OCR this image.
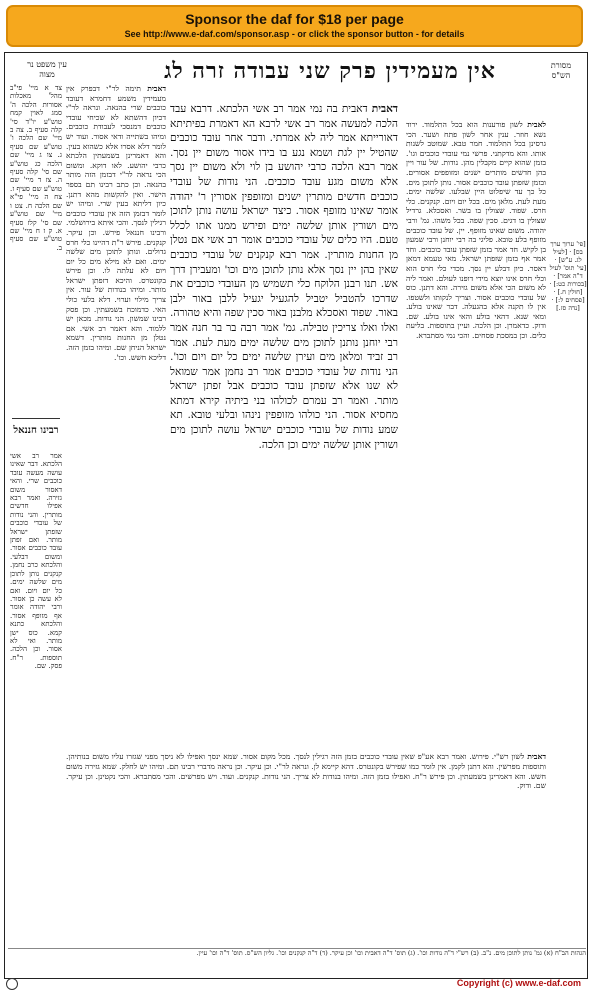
Sponsor the daf for $18 per page
See http://www.e-daf.com/sponsor.asp - or click the sponsor button - for details
עין משפט נר מצוה	אין מעמידין פרק שני עבודה זרה לג	מסורת הש"ס
צד א מיי' פי"ב מהל' מאכלות אסורות הלכה ה' סמג לאוין קמח טוש"ע יו"ד סי' קלה סעיף ב. צה ב מיי' שם הלכה ו' טוש"ע שם סעיף ג. צו ג מיי' שם הלכה כג טוש"ע שם סי' קלה סעיף ה. צז ד מיי' שם טוש"ע שם סעיף ז. צח ה מיי' פי"א שם הלכה ח. צט ו מיי' שם טוש"ע שם סי' קלז סעיף א. ק ז ח מיי' שם טוש"ע שם סעיף ב.
רבינו חננאל
אמר רב אשי הלכתא. דבר שאינו עושה מעשה עובד כוכבים שרי. והאי דאסור משום גזירה. ואמר רבא אפילו חדשים מותרין. והני נודות של עובדי כוכבים שזפתן ישראל מותר. ואם זפתן עובד כוכבים אסור. ומשום דבלעי. והלכתא כרב נחמן. קנקנים נותן לתוכן מים שלשה ימים. כל יום ויום. ואם לא עשה כן אסור. ורבי יהודה אומר אף מזופף אסור. והלכתא כתנא קמא. כוס ישן מותר. ואי לא אסור. וכן הלכה. תוספות. ר"ח. פסק. שם.
דאבית תימה לר"י דבפרק אין מעמידין משמע דחמרא דעובד כוכבים שרי בהנאה. ונראה לר"י דכיון דהשתא לא שכיחי עובדי כוכבים דמנסכי לעבודת כוכבים. ומיהו בשתייה ודאי אסור. ועוד יש לומר דלא אסרו אלא כשהוא בעין. והא דאמרינן בשמעתין הלכתא כרבי יהושע. לאו דוקא. ומשום הכי נראה לר"י דבזמן הזה מותר בהנאה. וכן כתב רבינו תם בספר הישר. ואין להקשות מהא דתנן. כיון דליתא בעין שרי. ומיהו יש לומר דבזמן הזה אין עובדי כוכבים רגילין לנסך. והכי איתא בירושלמי. ורבינו חננאל פירש. וכן עיקר. קנקנים. פירש ר"ת דהיינו כלי חרס גדולים. ונותן לתוכן מים שלשה ימים. ואם לא מילא מים כל יום ויום לא עלתה לו. וכן פירש בקונטרס. והיכא דזפתן ישראל מותר. ומיהו בנודות של עור. אין צריך מילוי וערוי. דלא בלעי כולי האי. כדמוכח בשמעתין. וכן פסק רבינו שמשון. הני נודות. מכאן יש ללמוד. והא דאמר רב אשי. אם נטלן מן החנות מותרין. דשמא ישראל הניחן שם. ומיהו בזמן הזה. דליכא חשש. וכו'.
דאבית דאבית בה נמי אמר רב אשי הלכתא. דרבא עבד הלכה למעשה אמר רב אשי לרבא הא דאמרת בפיתיתא דאורייתא אמר ליה לא אמרתי. ודבר אחר עובד כוכבים שהטיל יין לגת ושמא נגע בו בידו אסור משום יין נסך. אמר רבא הלכה כרבי יהושע בן לוי ולא משום יין נסך אלא משום מגע עובד כוכבים. הני נודות של עובדי כוכבים חדשים מותרין ישנים ומזופפין אסורין ר' יהודה אומר שאינו מזופף אסור. כיצד ישראל עושה נותן לתוכן מים ושורין אותן שלשה ימים ופירש ממנו אתו לכלל טעם. היו כלים של עובדי כוכבים אומר רב אשי אם נטלן מן החנות מותרין. אמר רבא קנקנים של עובדי כוכבים שאין בהן יין נסך אלא נותן לתוכן מים וכו' ומעבירן דרך אש. תנו רבנן הלוקח כלי תשמיש מן העובדי כוכבים את שדרכו להטביל יטביל להגעיל יגעיל ללבן באור ילבן באור. שפוד ואסכלא מלבנן באור סכין שפה והיא טהורה. ואלו ואלו צריכין טבילה. גמ' אמר רבה בר בר חנה אמר רבי יוחנן נותנן לתוכן מים שלשה ימים מעת לעת. אמר רב זביד ומלאן מים ועירן שלשה ימים כל יום ויום וכו'. הני נודות של עובדי כוכבים אמר רב נחמן אמר שמואל לא שנו אלא שזפתן עובד כוכבים אבל זפתן ישראל מותר. ואמר רב עמרם לכולהו בני ביתיה קירא דמתא מחסיא אסור. הני כולהו מזופפין נינהו ובלעי טובא. תא שמע נודות של עובדי כוכבים ישראל עושה לתוכן מים ושורין אותן שלשה ימים וכן הלכה.
לאבית לשון פורענות הוא בכל התלמוד. ירוד נשא חוזר. ענין אחר לשון פתח ושער. הכי גרסינן בכל התלמוד. חמר טבא. שמוטב לשנות אותו. והא מדקתני. פרשי נמי עובדי כוכבים וגו'. בזמן שהוא קיים מקבלין מהן. נודות. של עור ויין בהן חדשים מותרים ישנים ומזופפים אסורים. ובזמן שזפתן עובד כוכבים אסור. נותן לתוכן מים. כל כך עד שיפלוט היין שבלעו. שלשה ימים. מעת לעת. מלאן מים. בכל יום ויום. קנקנים. כלי חרס. שפוד. שצולין בו בשר. ואסכלא. גרדיל שצולין בו דגים. סכין שפה. בכל משהו. גמ' ורבי יהודה. משום שאינו מזופף. יין. של עובד כוכבים מזופף בלע טובא. פליגי בה רבי יוחנן ורבי שמעון בן לקיש. חד אמר בזמן שזפתן עובד כוכבים. וחד אמר אף בזמן שזפתן ישראל. מאי טעמא דמאן דאסר. כיון דבלע יין נסך. מכדי כלי חרס הוא וכלי חרס אינו יוצא מידי דופנו לעולם. ואמר ליה לא משום הכי אלא משום גזירה. והא דתנן. כוס של עובדי כוכבים אסור. וצריך לנקותו ולשטפו. אין לו תקנה אלא בהגעלה. דבר שאינו בולע. ומאי שנא. דהאי בולע והאי אינו בולע. שם. ודוק. כדאמרן. וכן הלכה. ועיין בתוספות. בליעת כלים. וכן במסכת פסחים. והכי נמי מסתברא.
[פי' ערוך ערך בס] · [לעיל לג. ע"ש] · [עי' תוס' לעיל ד"ה אמר] · [בכורות כט:] · [חולין ח.] · [פסחים ל:] · [נדה סז.]
דאבית לשון רש"י. פירוש. ואמר רבא אע"פ שאין עובדי כוכבים בזמן הזה רגילין לנסך. מכל מקום אסור. שמא ינסך ואפילו לא ניסך מפני שגזרו עליו משום בנותיהן. ותוספות מפרשין. והא דתנן לקמן. אין לומר כמו שפירש בקונטרס. דהא קיימא לן. ונראה לר"י. וכן עיקר. וכן נראה מדברי רבינו תם. ומיהו יש לחלק. שמא גזירה משום חשש. והא דאמרינן בשמעתין. וכן פירש ר"ח. ואפילו בזמן הזה. ומיהו בנודות לא צריך. הני נודות. קנקנים. ועוד. ויש מפרשים. והכי מסתברא. והכי נקטינן. וכן עיקר. שם. ודוק.
הגהות הב"ח (א) גמ' נותן לתוכן מים. נ"ב. (ב) רש"י ד"ה נודות וכו'. (ג) תוס' ד"ה דאבית וכו' וכן עיקר. (ד) ד"ה קנקנים וכו'. גליון הש"ס. תוס' ד"ה וכו' עיין.
Copyright (c) www.e-daf.com
